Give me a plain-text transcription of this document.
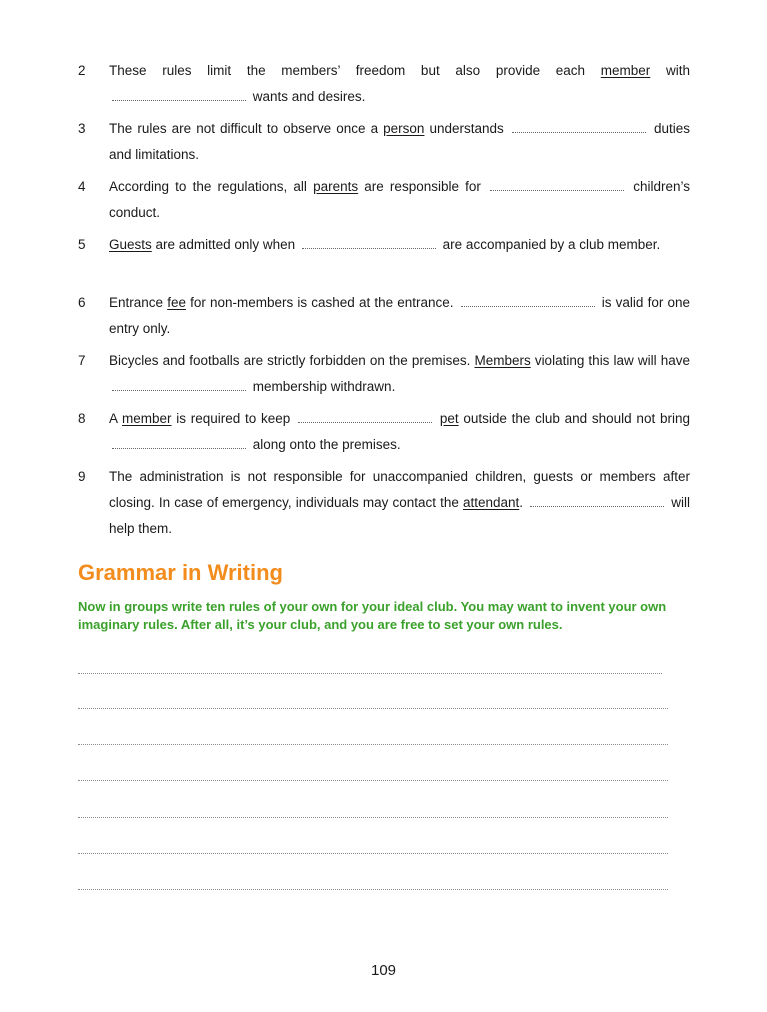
2	These rules limit the members’ freedom but also provide each member with  wants and desires.
3	The rules are not difficult to observe once a person understands	duties and limitations.
4	According to the regulations, all parents are responsible for	children’s conduct.
5	Guests are admitted only when	are accompanied by a club member.
6	Entrance fee for non-members is cashed at the entrance.	is valid for one entry only.
7	Bicycles and footballs are strictly forbidden on the premises. Members violating this law will have  membership withdrawn.
8	A member is required to keep	pet outside the club and should not bring  along onto the premises.
9	The administration is not responsible for unaccompanied children, guests or members after closing. In case of emergency, individuals may contact the attendant.	will help them.
Grammar in Writing

Now in groups write ten rules of your own for your ideal club. You may want to invent your own imaginary rules. After all, it’s your club, and you are free to set your own rules.

109
